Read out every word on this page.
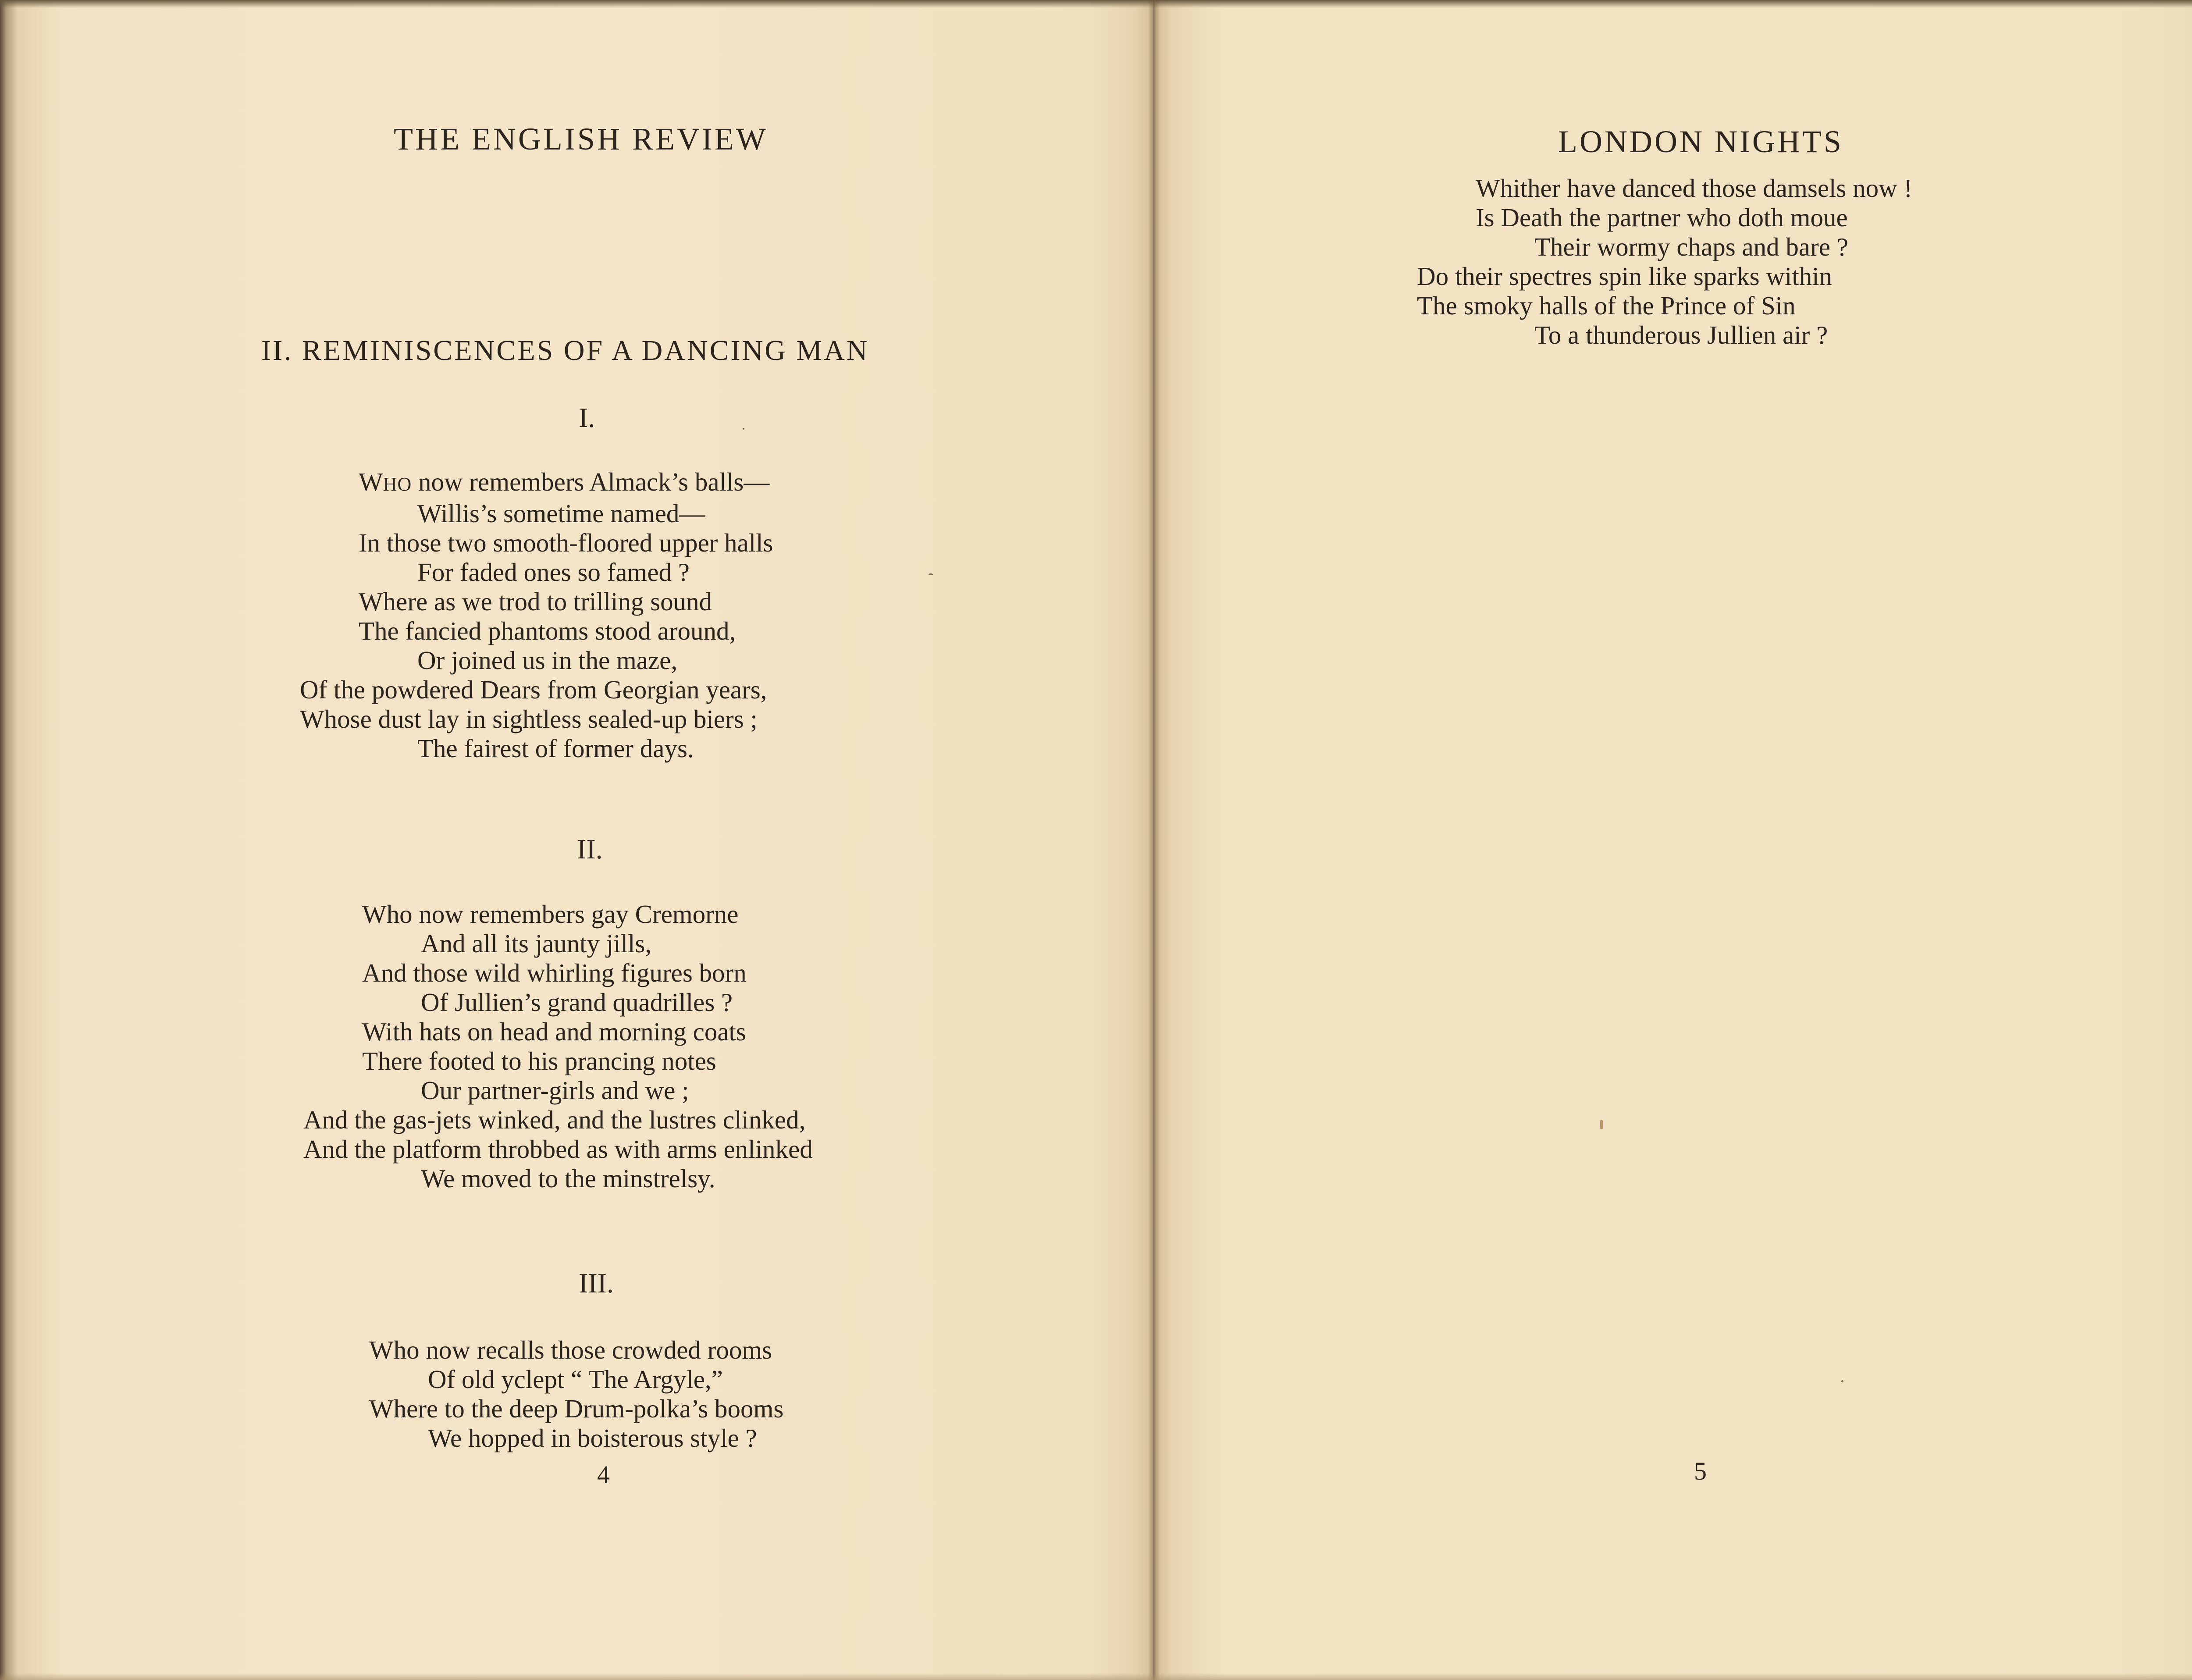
THE ENGLISH REVIEW
II. REMINISCENCES OF A DANCING MAN
I.
WHO now remembers Almack’s balls—
Willis’s sometime named—
In those two smooth-floored upper halls
For faded ones so famed ?
Where as we trod to trilling sound
The fancied phantoms stood around,
Or joined us in the maze,
Of the powdered Dears from Georgian years,
Whose dust lay in sightless sealed-up biers ;
The fairest of former days.
II.
Who now remembers gay Cremorne
And all its jaunty jills,
And those wild whirling figures born
Of Jullien’s grand quadrilles ?
With hats on head and morning coats
There footed to his prancing notes
Our partner-girls and we ;
And the gas-jets winked, and the lustres clinked,
And the platform throbbed as with arms enlinked
We moved to the minstrelsy.
III.
Who now recalls those crowded rooms
Of old yclept “ The Argyle,”
Where to the deep Drum-polka’s booms
We hopped in boisterous style ?
4
LONDON NIGHTS
Whither have danced those damsels now !
Is Death the partner who doth moue
Their wormy chaps and bare ?
Do their spectres spin like sparks within
The smoky halls of the Prince of Sin
To a thunderous Jullien air ?
5
